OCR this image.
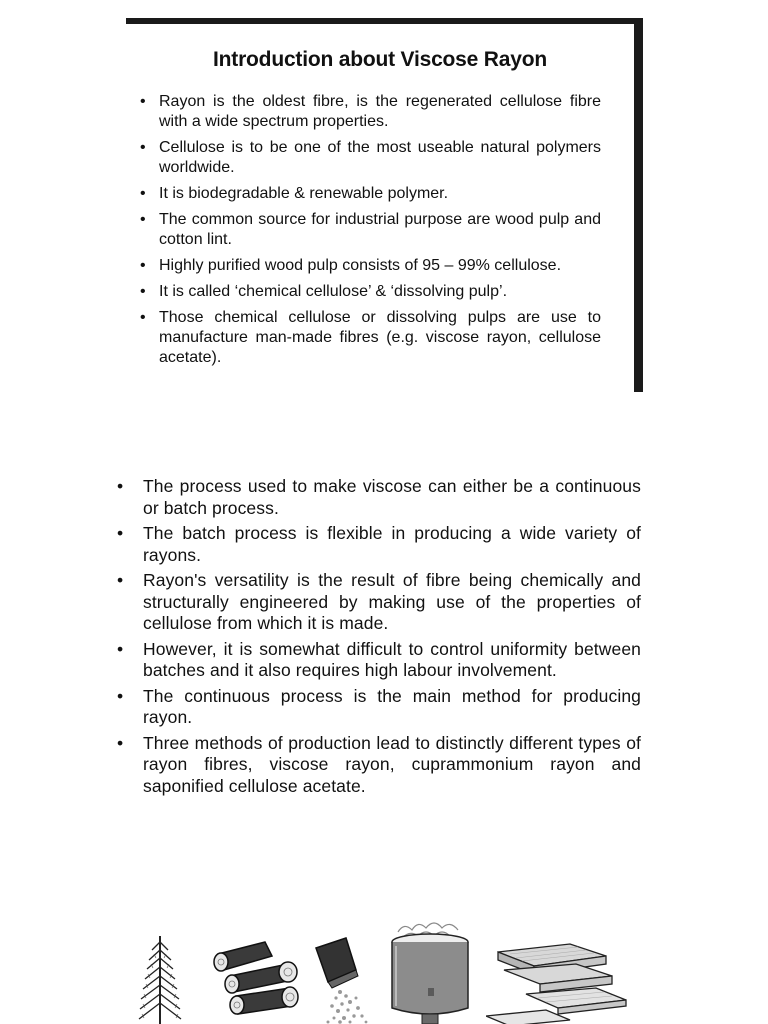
Introduction about Viscose Rayon
• Rayon is the oldest fibre, is the regenerated cellulose fibre with a wide spectrum properties.
• Cellulose is to be one of the most useable natural polymers worldwide.
• It is biodegradable & renewable polymer.
• The common source for industrial purpose are wood pulp and cotton lint.
• Highly purified wood pulp consists of 95 – 99% cellulose.
• It is called ‘chemical cellulose’ & ‘dissolving pulp’.
• Those chemical cellulose or dissolving pulps are use to manufacture man-made fibres (e.g. viscose rayon, cellulose acetate).
• The process used to make viscose can either be a continuous or batch process.
• The batch process is flexible in producing a wide variety of rayons.
• Rayon's versatility is the result of fibre being chemically and structurally engineered by making use of the properties of cellulose from which it is made.
• However, it is somewhat difficult to control uniformity between batches and it also requires high labour involvement.
• The continuous process is the main method for producing rayon.
• Three methods of production lead to distinctly different types of rayon fibres, viscose rayon, cuprammonium rayon and saponified cellulose acetate.
